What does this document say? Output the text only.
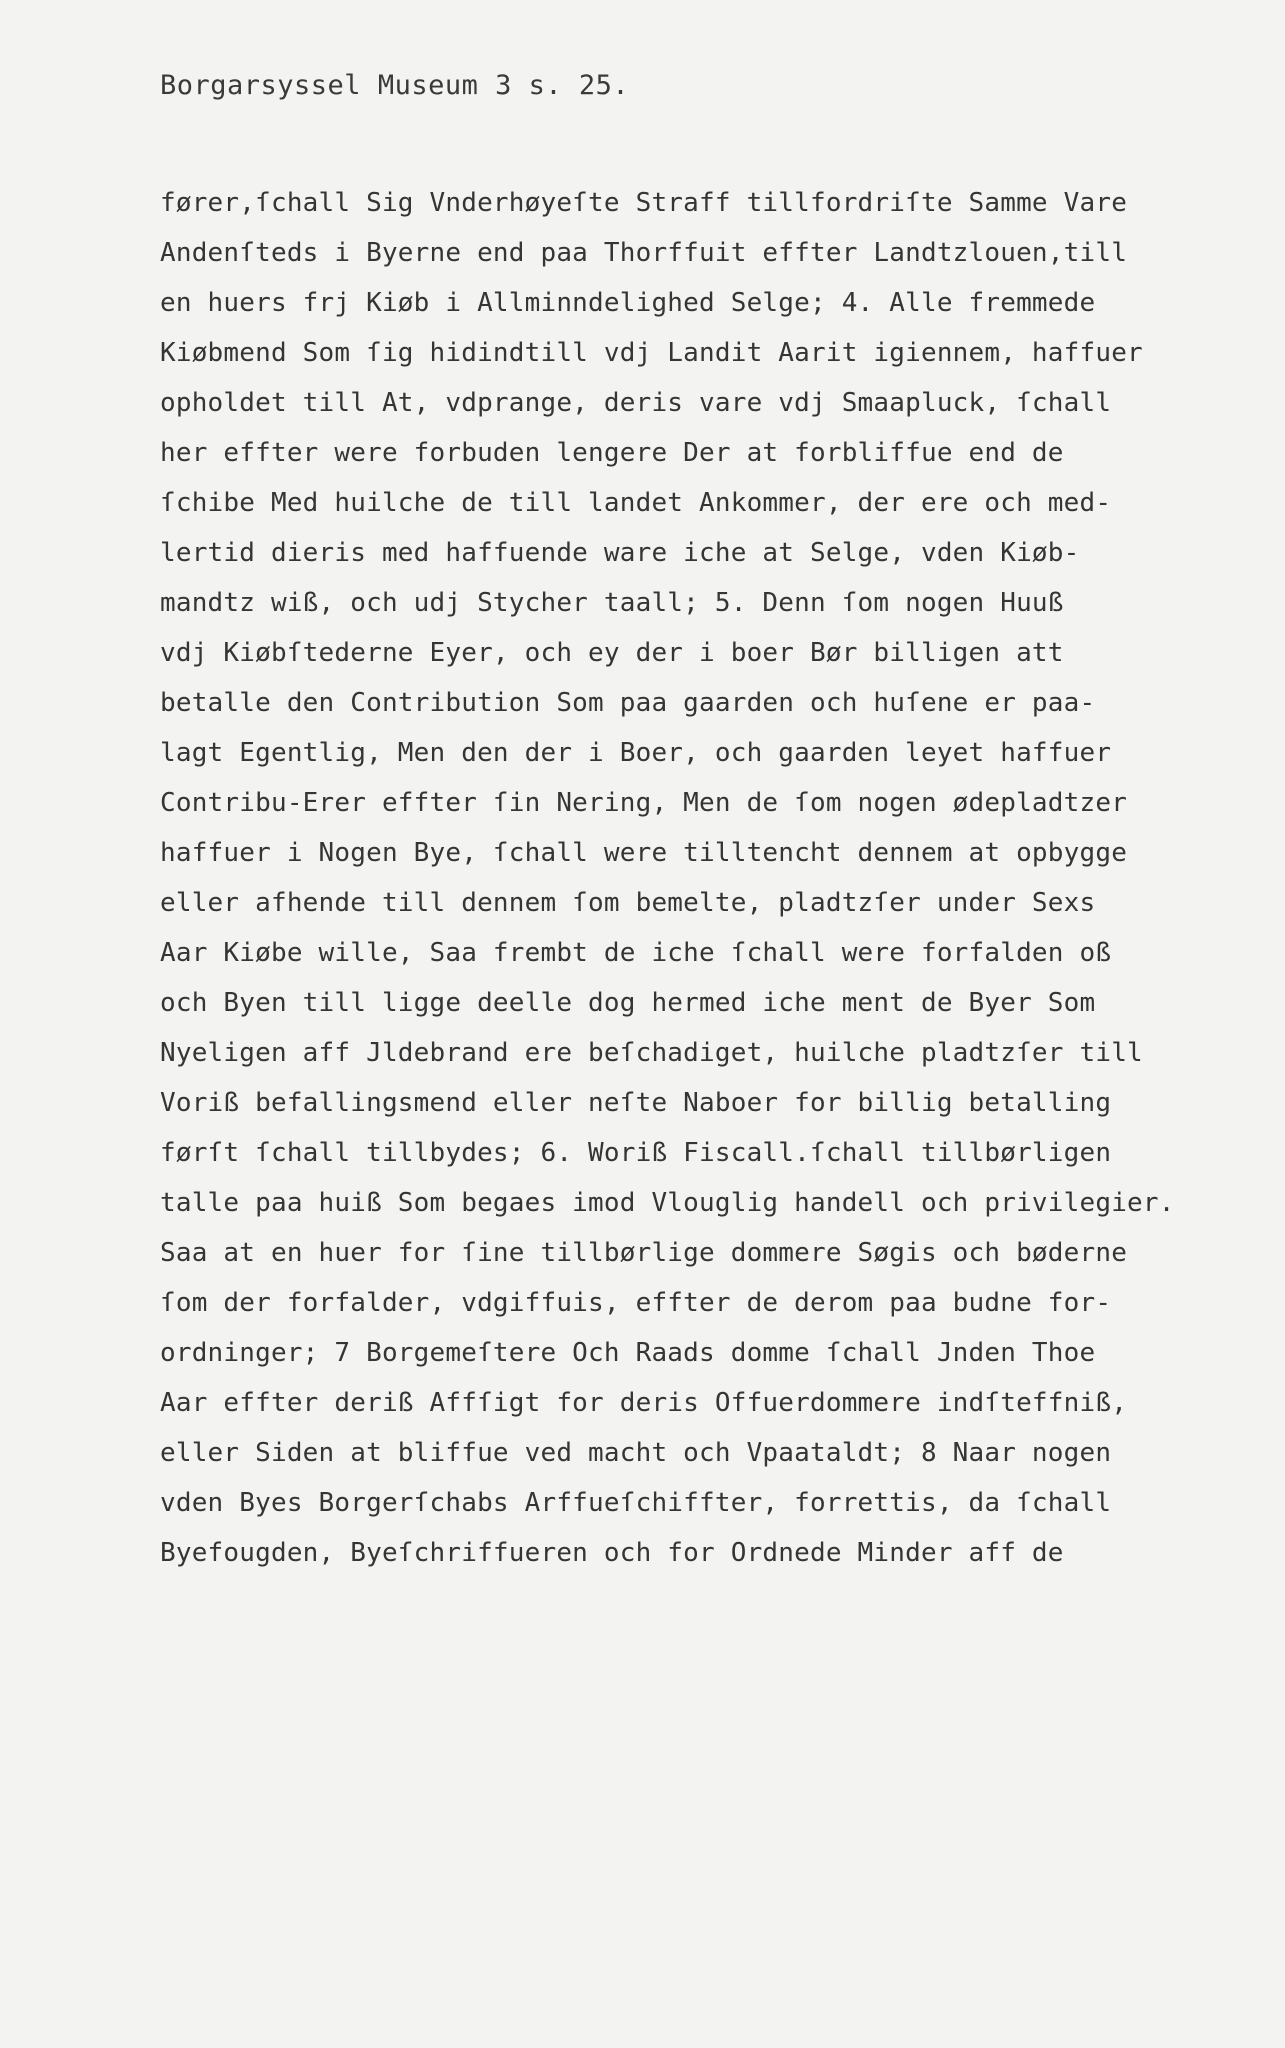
Borgarsyssel Museum 3 s. 25.
fører,ſchall Sig Vnderhøyeſte Straff tillfordriſte Samme Vare
Andenſteds i Byerne end paa Thorffuit effter Landtzlouen,till
en huers frj Kiøb i Allminndelighed Selge; 4. Alle fremmede
Kiøbmend Som ſig hidindtill vdj Landit Aarit igiennem, haffuer
opholdet till At, vdprange, deris vare vdj Smaapluck, ſchall
her effter were forbuden lengere Der at forbliffue end de
ſchibe Med huilche de till landet Ankommer, der ere och med-
lertid dieris med haffuende ware iche at Selge, vden Kiøb-
mandtz wiß, och udj Stycher taall; 5. Denn ſom nogen Huuß
vdj Kiøbſtederne Eyer, och ey der i boer Bør billigen att
betalle den Contribution Som paa gaarden och huſene er paa-
lagt Egentlig, Men den der i Boer, och gaarden leyet haffuer
Contribu-Erer effter ſin Nering, Men de ſom nogen ødepladtzer
haffuer i Nogen Bye, ſchall were tilltencht dennem at opbygge
eller afhende till dennem ſom bemelte, pladtzſer under Sexs
Aar Kiøbe wille, Saa frembt de iche ſchall were forfalden oß
och Byen till ligge deelle dog hermed iche ment de Byer Som
Nyeligen aff Jldebrand ere beſchadiget, huilche pladtzſer till
Voriß befallingsmend eller neſte Naboer for billig betalling
førſt ſchall tillbydes; 6. Woriß Fiscall.ſchall tillbørligen
talle paa huiß Som begaes imod Vlouglig handell och privilegier.
Saa at en huer for ſine tillbørlige dommere Søgis och bøderne
ſom der forfalder, vdgiffuis, effter de derom paa budne for-
ordninger; 7 Borgemeſtere Och Raads domme ſchall Jnden Thoe
Aar effter deriß Affſigt for deris Offuerdommere indſteffniß,
eller Siden at bliffue ved macht och Vpaataldt; 8 Naar nogen
vden Byes Borgerſchabs Arffueſchiffter, forrettis, da ſchall
Byefougden, Byeſchriffueren och for Ordnede Minder aff de
